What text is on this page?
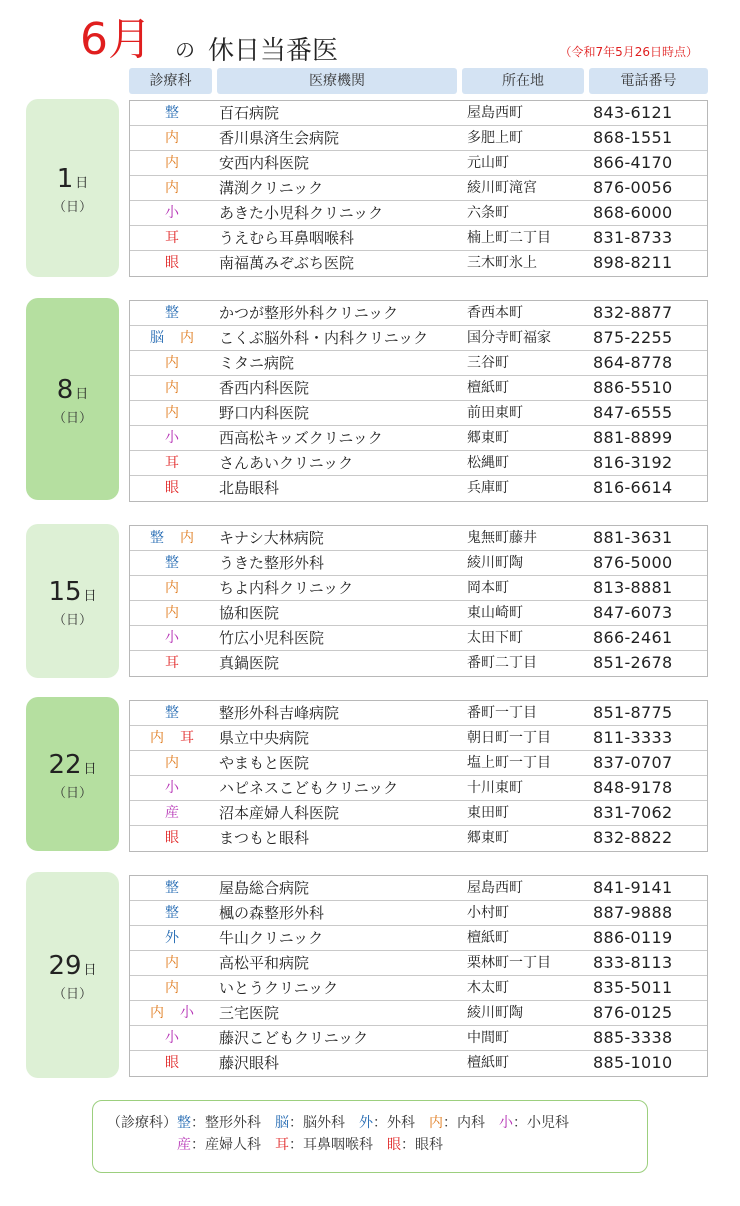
6月 の 休日当番医	（令和7年5月26日時点）
診療科	医療機関	所在地	電話番号
1 日
（日）
整	百石病院	屋島西町	843-6121
内	香川県済生会病院	多肥上町	868-1551
内	安西内科医院	元山町	866-4170
内	溝渕クリニック	綾川町滝宮	876-0056
小	あきた小児科クリニック	六条町	868-6000
耳	うえむら耳鼻咽喉科	楠上町二丁目	831-8733
眼	南福萬みぞぶち医院	三木町氷上	898-8211
8 日
（日）
整	かつが整形外科クリニック	香西本町	832-8877
脳 内	こくぶ脳外科・内科クリニック	国分寺町福家	875-2255
内	ミタニ病院	三谷町	864-8778
内	香西内科医院	檀紙町	886-5510
内	野口内科医院	前田東町	847-6555
小	西高松キッズクリニック	郷東町	881-8899
耳	さんあいクリニック	松縄町	816-3192
眼	北島眼科	兵庫町	816-6614
15 日
（日）
整 内	キナシ大林病院	鬼無町藤井	881-3631
整	うきた整形外科	綾川町陶	876-5000
内	ちよ内科クリニック	岡本町	813-8881
内	協和医院	東山崎町	847-6073
小	竹広小児科医院	太田下町	866-2461
耳	真鍋医院	番町二丁目	851-2678
22 日
（日）
整	整形外科吉峰病院	番町一丁目	851-8775
内 耳	県立中央病院	朝日町一丁目	811-3333
内	やまもと医院	塩上町一丁目	837-0707
小	ハピネスこどもクリニック	十川東町	848-9178
産	沼本産婦人科医院	東田町	831-7062
眼	まつもと眼科	郷東町	832-8822
29 日
（日）
整	屋島総合病院	屋島西町	841-9141
整	楓の森整形外科	小村町	887-9888
外	牛山クリニック	檀紙町	886-0119
内	高松平和病院	栗林町一丁目	833-8113
内	いとうクリニック	木太町	835-5011
内 小	三宅医院	綾川町陶	876-0125
小	藤沢こどもクリニック	中間町	885-3338
眼	藤沢眼科	檀紙町	885-1010
（診療科）整：整形外科 脳：脳外科 外：外科 内：内科 小：小児科
産：産婦人科 耳：耳鼻咽喉科 眼：眼科
